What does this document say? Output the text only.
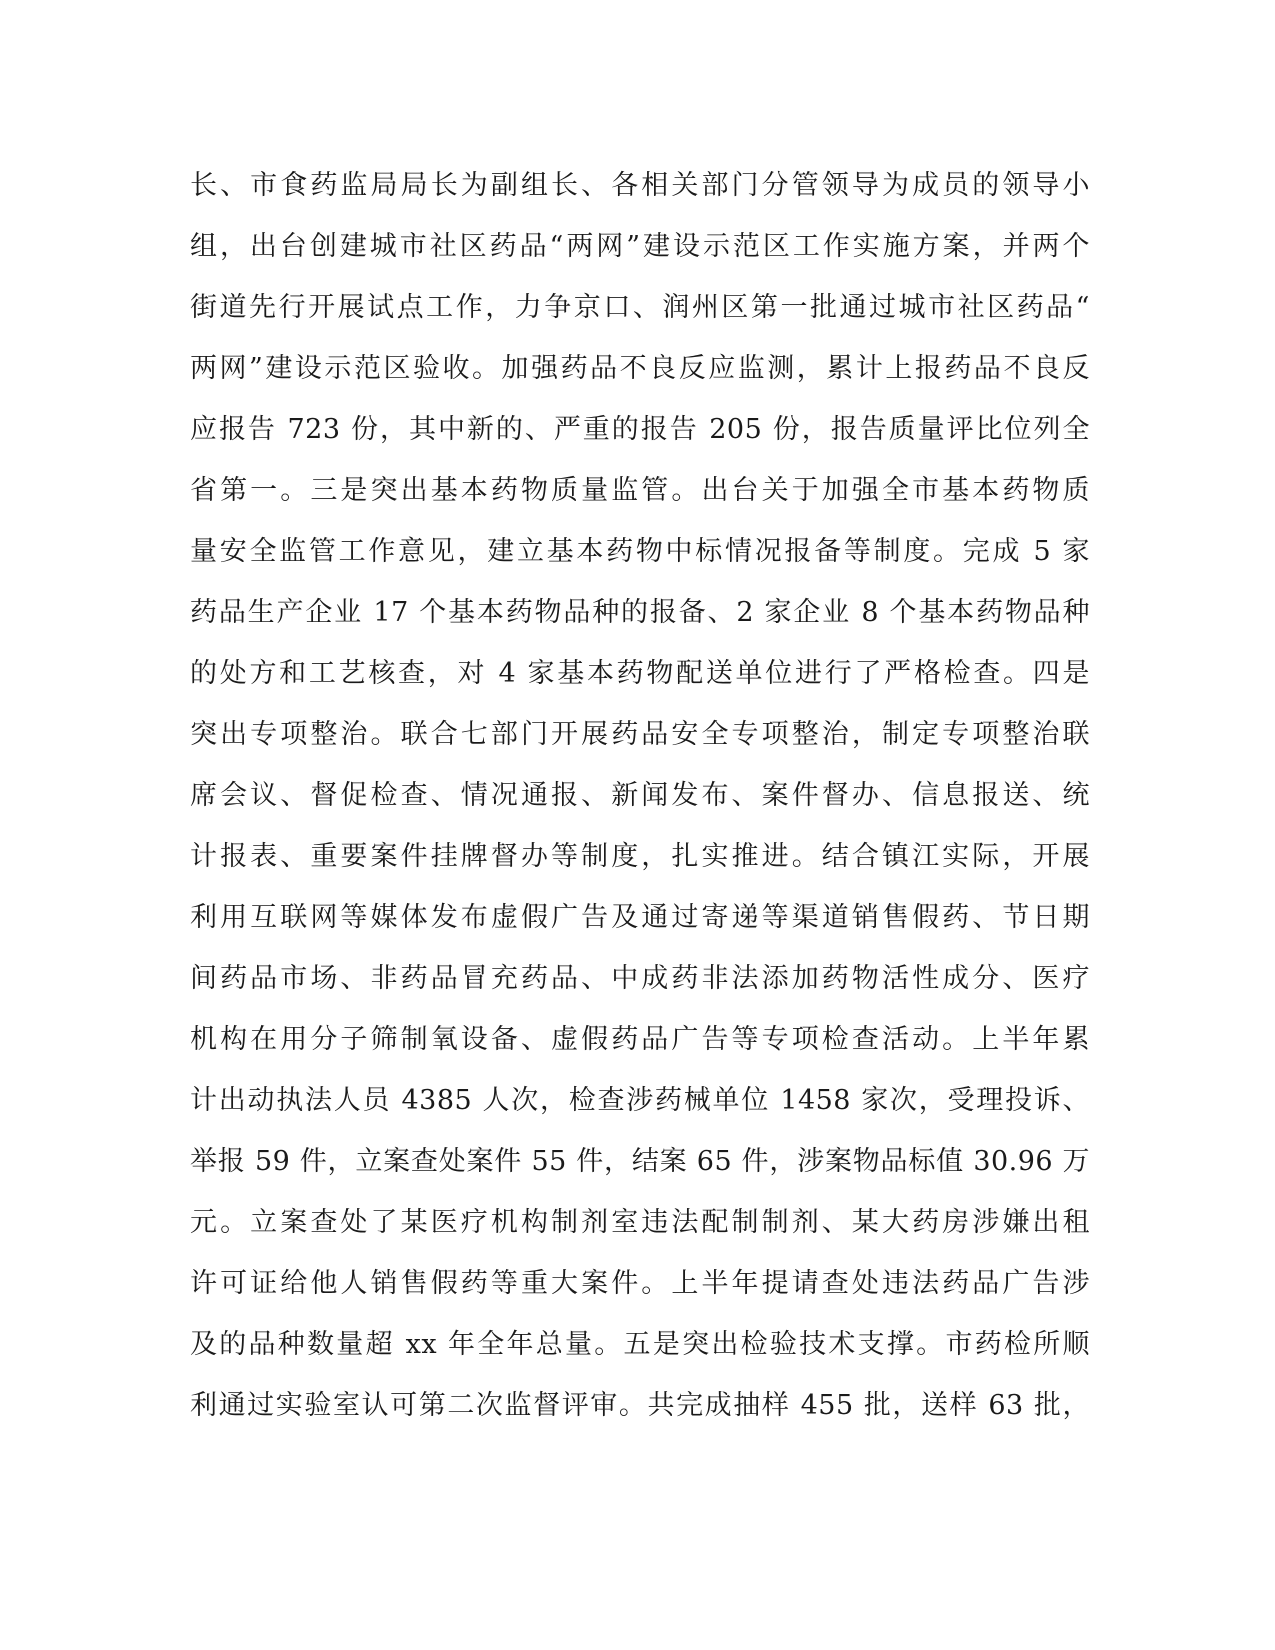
长、市食药监局局长为副组长、各相关部门分管领导为成员的领导小
组，出台创建城市社区药品“两网”建设示范区工作实施方案，并两个
街道先行开展试点工作，力争京口、润州区第一批通过城市社区药品“
两网”建设示范区验收。加强药品不良反应监测，累计上报药品不良反
应报告 723 份，其中新的、严重的报告 205 份，报告质量评比位列全
省第一。三是突出基本药物质量监管。出台关于加强全市基本药物质
量安全监管工作意见，建立基本药物中标情况报备等制度。完成 5 家
药品生产企业 17 个基本药物品种的报备、2 家企业 8 个基本药物品种
的处方和工艺核查，对 4 家基本药物配送单位进行了严格检查。四是
突出专项整治。联合七部门开展药品安全专项整治，制定专项整治联
席会议、督促检查、情况通报、新闻发布、案件督办、信息报送、统
计报表、重要案件挂牌督办等制度，扎实推进。结合镇江实际，开展
利用互联网等媒体发布虚假广告及通过寄递等渠道销售假药、节日期
间药品市场、非药品冒充药品、中成药非法添加药物活性成分、医疗
机构在用分子筛制氧设备、虚假药品广告等专项检查活动。上半年累
计出动执法人员 4385 人次，检查涉药械单位 1458 家次，受理投诉、
举报 59 件，立案查处案件 55 件，结案 65 件，涉案物品标值 30.96 万
元。立案查处了某医疗机构制剂室违法配制制剂、某大药房涉嫌出租
许可证给他人销售假药等重大案件。上半年提请查处违法药品广告涉
及的品种数量超 xx 年全年总量。五是突出检验技术支撑。市药检所顺
利通过实验室认可第二次监督评审。共完成抽样 455 批，送样 63 批，
